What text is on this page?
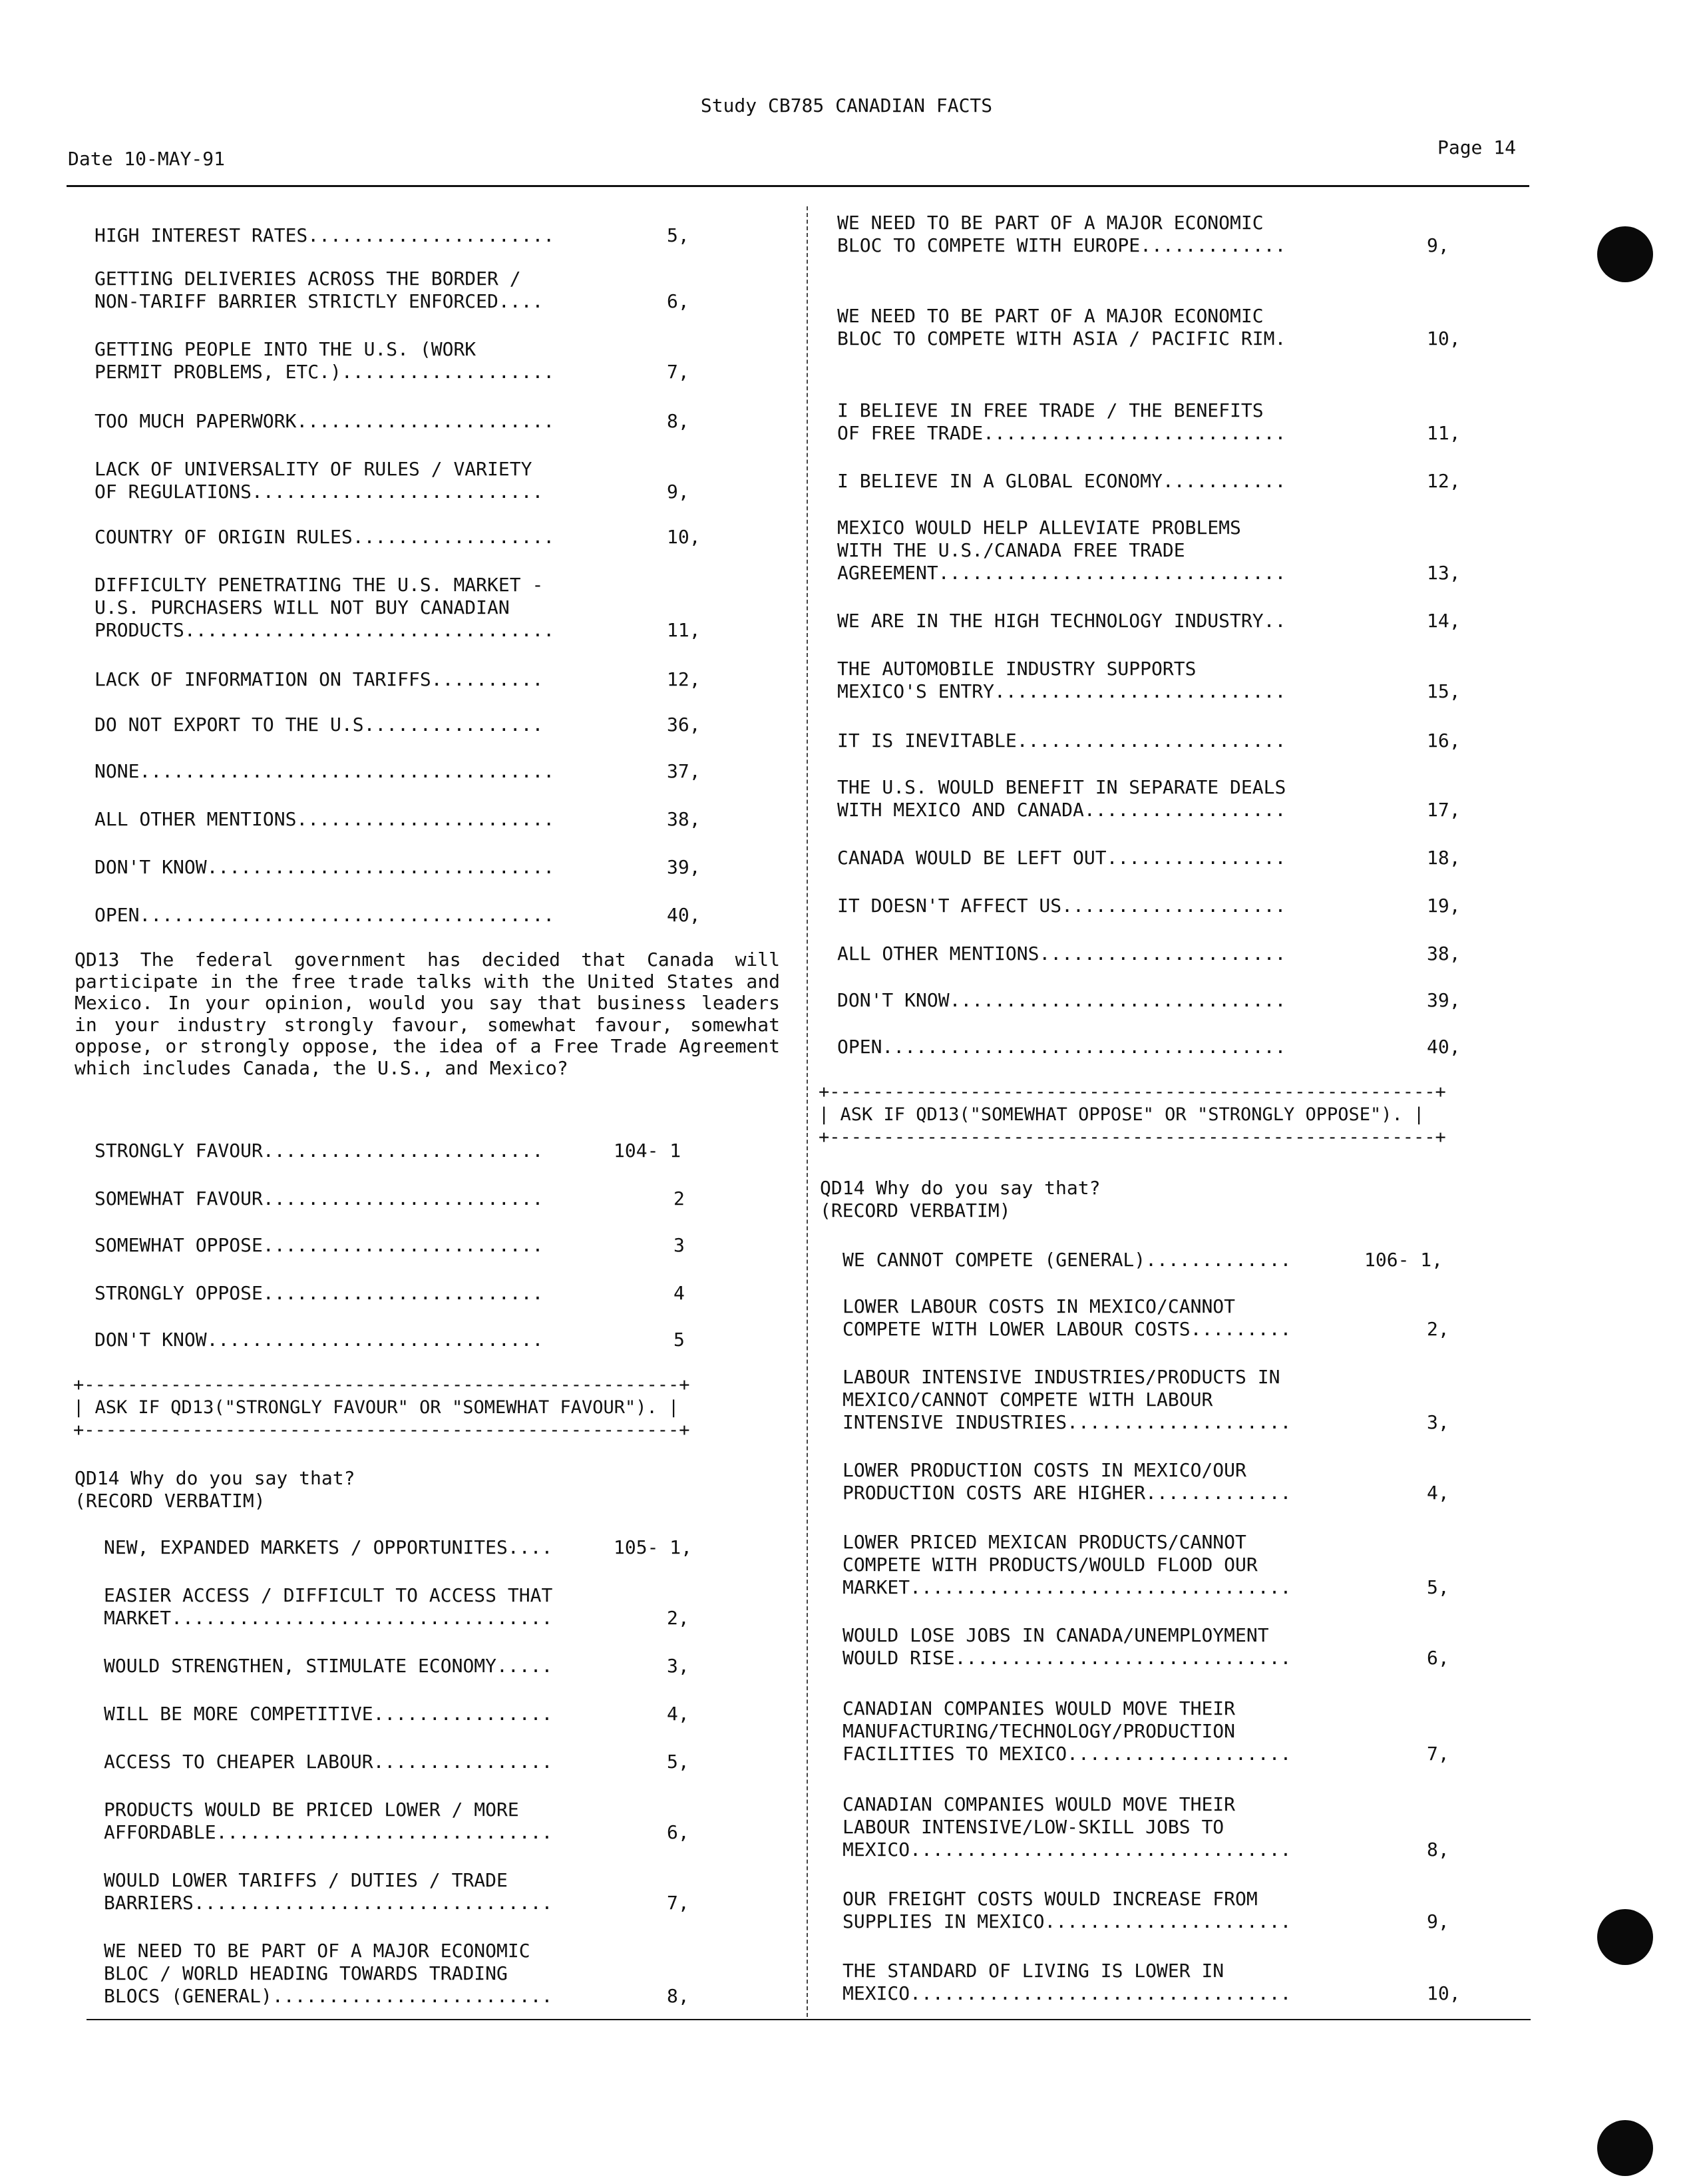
Study CB785 CANADIAN FACTS
Date 10-MAY-91
Page 14
HIGH INTEREST RATES......................	5,
GETTING DELIVERIES ACROSS THE BORDER /
NON-TARIFF BARRIER STRICTLY ENFORCED....	6,
GETTING PEOPLE INTO THE U.S. (WORK
PERMIT PROBLEMS, ETC.)...................	7,
TOO MUCH PAPERWORK.......................	8,
LACK OF UNIVERSALITY OF RULES / VARIETY
OF REGULATIONS..........................	9,
COUNTRY OF ORIGIN RULES..................	10,
DIFFICULTY PENETRATING THE U.S. MARKET -
U.S. PURCHASERS WILL NOT BUY CANADIAN
PRODUCTS.................................	11,
LACK OF INFORMATION ON TARIFFS..........	12,
DO NOT EXPORT TO THE U.S................	36,
NONE.....................................	37,
ALL OTHER MENTIONS.......................	38,
DON'T KNOW...............................	39,
OPEN.....................................	40,
QD13 The federal government has decided that Canada will participate in the free trade talks with the United States and Mexico. In your opinion, would you say that business leaders in your industry strongly favour, somewhat favour, somewhat oppose, or strongly oppose, the idea of a Free Trade Agreement which includes Canada, the U.S., and Mexico?
STRONGLY FAVOUR.........................	104- 1
SOMEWHAT FAVOUR.........................	2
SOMEWHAT OPPOSE.........................	3
STRONGLY OPPOSE.........................	4
DON'T KNOW..............................	5
+-------------------------------------------------------+
| ASK IF QD13("STRONGLY FAVOUR" OR "SOMEWHAT FAVOUR"). |
+-------------------------------------------------------+
QD14 Why do you say that?
(RECORD VERBATIM)
NEW, EXPANDED MARKETS / OPPORTUNITES....	105- 1,
EASIER ACCESS / DIFFICULT TO ACCESS THAT
MARKET..................................	2,
WOULD STRENGTHEN, STIMULATE ECONOMY.....	3,
WILL BE MORE COMPETITIVE................	4,
ACCESS TO CHEAPER LABOUR................	5,
PRODUCTS WOULD BE PRICED LOWER / MORE
AFFORDABLE..............................	6,
WOULD LOWER TARIFFS / DUTIES / TRADE
BARRIERS................................	7,
WE NEED TO BE PART OF A MAJOR ECONOMIC
BLOC / WORLD HEADING TOWARDS TRADING
BLOCS (GENERAL).........................	8,
WE NEED TO BE PART OF A MAJOR ECONOMIC
BLOC TO COMPETE WITH EUROPE.............	9,
WE NEED TO BE PART OF A MAJOR ECONOMIC
BLOC TO COMPETE WITH ASIA / PACIFIC RIM.	10,
I BELIEVE IN FREE TRADE / THE BENEFITS
OF FREE TRADE...........................	11,
I BELIEVE IN A GLOBAL ECONOMY...........	12,
MEXICO WOULD HELP ALLEVIATE PROBLEMS
WITH THE U.S./CANADA FREE TRADE
AGREEMENT...............................	13,
WE ARE IN THE HIGH TECHNOLOGY INDUSTRY..	14,
THE AUTOMOBILE INDUSTRY SUPPORTS
MEXICO'S ENTRY..........................	15,
IT IS INEVITABLE........................	16,
THE U.S. WOULD BENEFIT IN SEPARATE DEALS
WITH MEXICO AND CANADA..................	17,
CANADA WOULD BE LEFT OUT................	18,
IT DOESN'T AFFECT US....................	19,
ALL OTHER MENTIONS......................	38,
DON'T KNOW..............................	39,
OPEN....................................	40,
+--------------------------------------------------------+
| ASK IF QD13("SOMEWHAT OPPOSE" OR "STRONGLY OPPOSE"). |
+--------------------------------------------------------+
QD14 Why do you say that?
(RECORD VERBATIM)
WE CANNOT COMPETE (GENERAL).............	106- 1,
LOWER LABOUR COSTS IN MEXICO/CANNOT
COMPETE WITH LOWER LABOUR COSTS.........	2,
LABOUR INTENSIVE INDUSTRIES/PRODUCTS IN
MEXICO/CANNOT COMPETE WITH LABOUR
INTENSIVE INDUSTRIES....................	3,
LOWER PRODUCTION COSTS IN MEXICO/OUR
PRODUCTION COSTS ARE HIGHER.............	4,
LOWER PRICED MEXICAN PRODUCTS/CANNOT
COMPETE WITH PRODUCTS/WOULD FLOOD OUR
MARKET..................................	5,
WOULD LOSE JOBS IN CANADA/UNEMPLOYMENT
WOULD RISE..............................	6,
CANADIAN COMPANIES WOULD MOVE THEIR
MANUFACTURING/TECHNOLOGY/PRODUCTION
FACILITIES TO MEXICO....................	7,
CANADIAN COMPANIES WOULD MOVE THEIR
LABOUR INTENSIVE/LOW-SKILL JOBS TO
MEXICO..................................	8,
OUR FREIGHT COSTS WOULD INCREASE FROM
SUPPLIES IN MEXICO......................	9,
THE STANDARD OF LIVING IS LOWER IN
MEXICO..................................	10,
